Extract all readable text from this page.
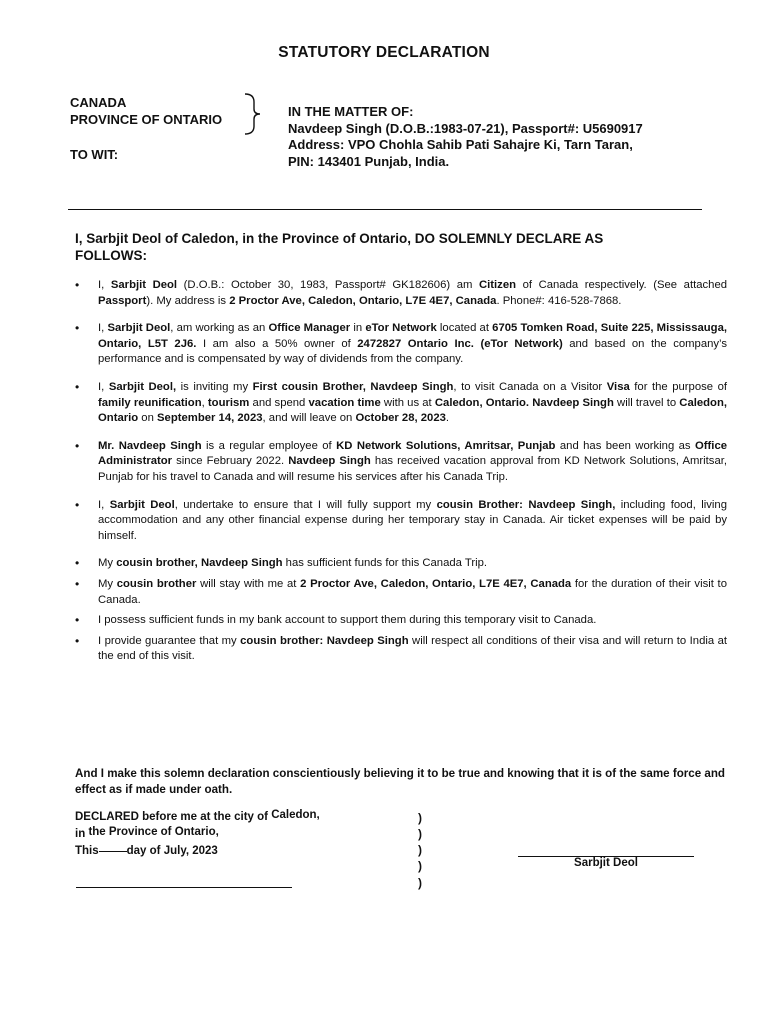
STATUTORY DECLARATION
CANADA
PROVINCE OF ONTARIO
TO WIT:
IN THE MATTER OF:
Navdeep Singh (D.O.B.:1983-07-21), Passport#: U5690917
Address: VPO Chohla Sahib Pati Sahajre Ki, Tarn Taran,
PIN: 143401 Punjab, India.
I, Sarbjit Deol of Caledon, in the Province of Ontario, DO SOLEMNLY DECLARE AS
FOLLOWS:
• I, Sarbjit Deol (D.O.B.: October 30, 1983, Passport# GK182606) am Citizen of Canada respectively. (See attached Passport). My address is 2 Proctor Ave, Caledon, Ontario, L7E 4E7, Canada. Phone#: 416-528-7868.
• I, Sarbjit Deol, am working as an Office Manager in eTor Network located at 6705 Tomken Road, Suite 225, Mississauga, Ontario, L5T 2J6. I am also a 50% owner of 2472827 Ontario Inc. (eTor Network) and based on the company’s performance and is compensated by way of dividends from the company.
• I, Sarbjit Deol, is inviting my First cousin Brother, Navdeep Singh, to visit Canada on a Visitor Visa for the purpose of family reunification, tourism and spend vacation time with us at Caledon, Ontario. Navdeep Singh will travel to Caledon, Ontario on September 14, 2023, and will leave on October 28, 2023.
• Mr. Navdeep Singh is a regular employee of KD Network Solutions, Amritsar, Punjab and has been working as Office Administrator since February 2022. Navdeep Singh has received vacation approval from KD Network Solutions, Amritsar, Punjab for his travel to Canada and will resume his services after his Canada Trip.
• I, Sarbjit Deol, undertake to ensure that I will fully support my cousin Brother: Navdeep Singh, including food, living accommodation and any other financial expense during her temporary stay in Canada. Air ticket expenses will be paid by himself.
• My cousin brother, Navdeep Singh has sufficient funds for this Canada Trip.
• My cousin brother will stay with me at 2 Proctor Ave, Caledon, Ontario, L7E 4E7, Canada for the duration of their visit to Canada.
• I possess sufficient funds in my bank account to support them during this temporary visit to Canada.
• I provide guarantee that my cousin brother: Navdeep Singh will respect all conditions of their visa and will return to India at the end of this visit.
And I make this solemn declaration conscientiously believing it to be true and knowing that it is of the same force and effect as if made under oath.
DECLARED before me at the city of Caledon,
in the Province of Ontario,
This day of July, 2023
)
)
)
)
)
Sarbjit Deol
